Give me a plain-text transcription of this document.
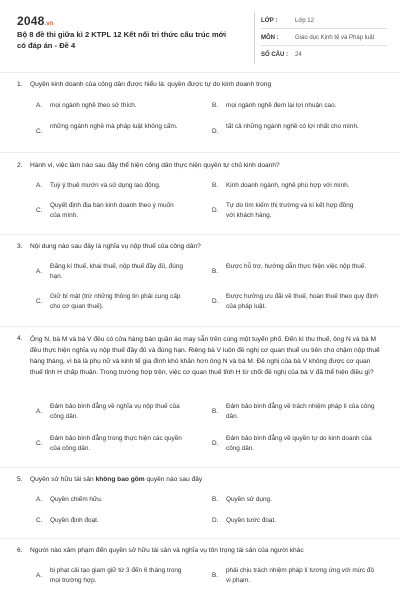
2048.vn
Bộ 8 đề thi giữa kì 2 KTPL 12 Kết nối tri thức cấu trúc mới có đáp án - Đề 4
LỚP :	Lớp 12
MÔN :	Giáo dục Kinh tế và Pháp luật
SỐ CÂU : 24
1. Quyền kinh doanh của công dân được hiểu là: quyền được tự do kinh doanh trong
A. mọi ngành nghề theo sở thích.	B. mọi ngành nghề đem lại lợi nhuận cao.
C.
những ngành nghề mà pháp luật không cấm.
D.
tất cả những ngành nghề có lợi nhất cho mình.
2. Hành vi, việc làm nào sau đây thể hiện công dân thực hiện quyền tự chủ kinh doanh?
A. Tuỳ ý thuê mướn và sử dụng lao động.	B. Kinh doanh ngành, nghề phù hợp với mình.
C.
Quyết định địa bàn kinh doanh theo ý muốn của mình.
D.
Tự do tìm kiếm thị trường và kí kết hợp đồng với khách hàng.
3. Nội dung nào sau đây là nghĩa vụ nộp thuế của công dân?
A.
Đăng kí thuế, khai thuế, nộp thuế đầy đủ, đúng hạn.
B.
Được hỗ trợ, hướng dẫn thực hiện việc nộp thuế.
C.
Giữ bí mật (trừ những thông tin phải cung cấp cho cơ quan thuế).
D.
Được hưởng ưu đãi về thuế, hoàn thuế theo quy định của pháp luật.
4. Ông N, bà M và bà V đều có cửa hàng bán quần áo may sẵn trên cùng một tuyến phố. Đến kì thu thuế, ông N và bà M đều thực hiện nghĩa vụ nộp thuế đầy đủ và đúng hạn. Riêng bà V luôn đề nghị cơ quan thuế ưu tiên cho chậm nộp thuế hàng tháng, vì bà là phụ nữ và kinh tế gia đình khó khăn hơn ông N và bà M. Đề nghị của bà V không được cơ quan thuế tỉnh H chấp thuận. Trong trường hợp trên, việc cơ quan thuế tỉnh H từ chối đề nghị của bà V đã thể hiện điều gì?
A.
Đảm bảo bình đẳng về nghĩa vụ nộp thuế của công dân.
B.
Đảm bảo bình đẳng về trách nhiệm pháp lí của công dân.
C.
Đảm bảo bình đẳng trong thực hiện các quyền của công dân.
D.
Đảm bảo bình đẳng về quyền tự do kinh doanh của công dân.
5. Quyền sở hữu tài sản không bao gồm quyền nào sau đây
A. Quyền chiếm hữu.	B. Quyền sử dụng.
C. Quyền định đoạt.	D. Quyền tước đoạt.
6. Người nào xâm phạm đến quyền sở hữu tài sản và nghĩa vụ tôn trọng tài sản của người khác
A.
bị phạt cải tạo giam giữ từ 3 đến 6 tháng trong mọi trường hợp.
B.
phải chịu trách nhiệm pháp lí tương ứng với mức độ vi phạm.
